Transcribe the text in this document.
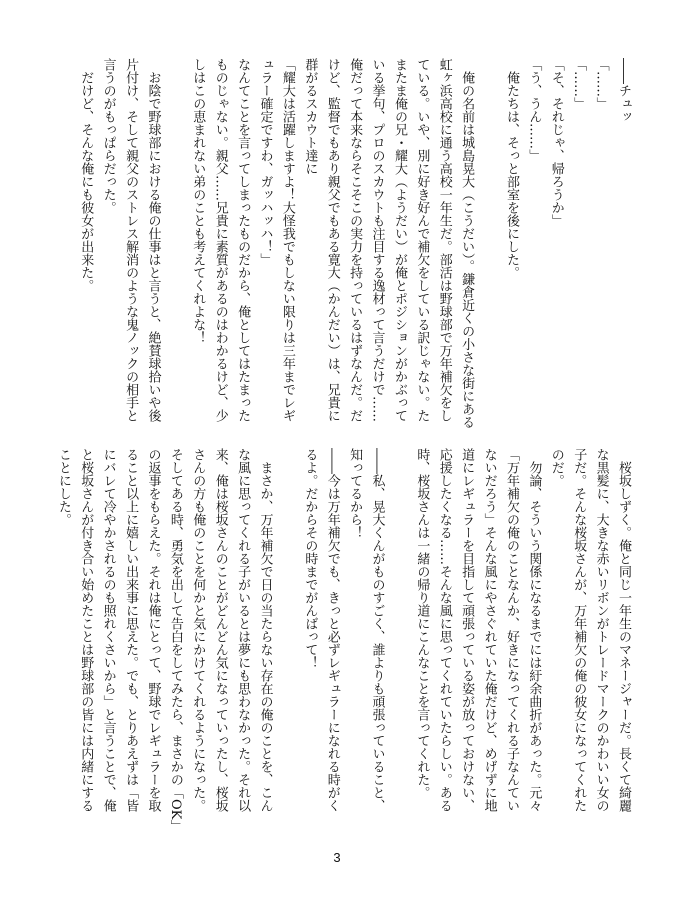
――チュッ
「……」
「……」
「そ、それじゃ、帰ろうか」
「う、うん……」
　俺たちは、そっと部室を後にした。

　俺の名前は城島晃大（こうだい）。鎌倉近くの小さな街にある
虹ヶ浜高校に通う高校一年生だ。部活は野球部で万年補欠をし
ている。いや、別に好き好んで補欠をしている訳じゃない。た
またま俺の兄・耀大（ようだい）が俺とポジションがかぶって
いる挙句、プロのスカウトも注目する逸材って言うだけで……
俺だって本来ならそこそこの実力を持っているはずなんだ。だ
けど、監督でもあり親父でもある寛大（かんだい）は、兄貴に
群がるスカウト達に
「耀大は活躍しますよ！大怪我でもしない限りは三年までレギ
ュラー確定ですわ、ガッハッハ！」
なんてことを言ってしまったものだから、俺としてはたまった
ものじゃない。親父……兄貴に素質があるのはわかるけど、少
しはこの恵まれない弟のことも考えてくれよな！

　お陰で野球部における俺の仕事はと言うと、絶賛球拾いや後
片付け、そして親父のストレス解消のような鬼ノックの相手と
言うのがもっぱらだった。
　だけど、そんな俺にも彼女が出来た。
　桜坂しずく。俺と同じ一年生のマネージャーだ。長くて綺麗
な黒髪に、大きな赤いリボンがトレードマークのかわいい女の
子だ。そんな桜坂さんが、万年補欠の俺の彼女になってくれた
のだ。
　勿論、そういう関係になるまでには紆余曲折があった。元々
「万年補欠の俺のことなんか、好きになってくれる子なんてい
ないだろう」そんな風にやさぐれていた俺だけど、めげずに地
道にレギュラーを目指して頑張っている姿が放っておけない、
応援したくなる……そんな風に思ってくれていたらしい。ある
時、桜坂さんは一緒の帰り道にこんなことを言ってくれた。

――私、晃大くんがものすごく、誰よりも頑張っていること、
知ってるから！
――今は万年補欠でも、きっと必ずレギュラーになれる時がく
るよ。だからその時までがんばって！

　まさか、万年補欠で日の当たらない存在の俺のことを、こん
な風に思ってくれる子がいるとは夢にも思わなかった。それ以
来、俺は桜坂さんのことがどんどん気になっていったし、桜坂
さんの方も俺のことを何かと気にかけてくれるようになった。
そしてある時、勇気を出して告白をしてみたら、まさかの「OK」
の返事をもらえた。それは俺にとって、野球でレギュラーを取
ること以上に嬉しい出来事に思えた。でも、とりあえずは「皆
にバレて冷やかされるのも照れくさいから」と言うことで、俺
と桜坂さんが付き合い始めたことは野球部の皆には内緒にする
ことにした。
3
